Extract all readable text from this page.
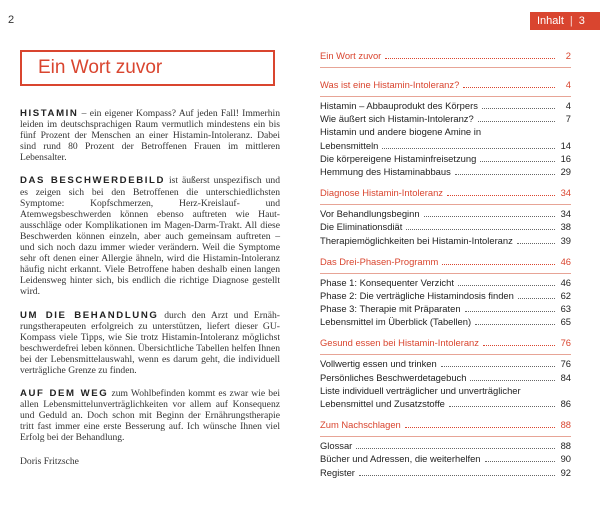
2	Inhalt | 3
Ein Wort zuvor

HISTAMIN – ein eigener Kompass? Auf jeden Fall! Immerhin leiden im deutschsprachigen Raum vermutlich mindestens ein bis fünf Prozent der Menschen an einer Histamin-Intoleranz. Dabei sind rund 80 Prozent der Betroffenen Frauen im mittleren Lebensalter.

DAS BESCHWERDEBILD ist äußerst unspezifisch und es zeigen sich bei den Betroffenen die unterschiedlichsten Symptome: Kopfschmerzen, Herz-Kreislauf- und Atemwegsbeschwerden können ebenso auftreten wie Hautausschläge oder Komplikationen im Magen-Darm-Trakt. All diese Beschwerden können einzeln, aber auch gemeinsam auftreten – und sich noch dazu immer wieder verändern. Weil die Symptome sehr oft denen einer Allergie ähneln, wird die Histamin-Intoleranz häufig nicht erkannt. Viele Betroffene haben deshalb einen langen Leidensweg hinter sich, bis endlich die richtige Diagnose gestellt wird.

UM DIE BEHANDLUNG durch den Arzt und Ernährungstherapeuten erfolgreich zu unterstützen, liefert dieser GU-Kompass viele Tipps, wie Sie trotz Histamin-Intoleranz möglichst beschwerdefrei leben können. Übersichtliche Tabellen helfen Ihnen bei der Lebensmittelauswahl, wenn es darum geht, die individuell verträgliche Grenze zu finden.

AUF DEM WEG zum Wohlbefinden kommt es zwar wie bei allen Lebensmittelunverträglichkeiten vor allem auf Konsequenz und Geduld an. Doch schon mit Beginn der Ernährungstherapie tritt fast immer eine erste Besserung auf. Ich wünsche Ihnen viel Erfolg bei der Behandlung.

Doris Fritzsche

Ein Wort zuvor	2
Was ist eine Histamin-Intoleranz?	4
Histamin – Abbauprodukt des Körpers	4
Wie äußert sich Histamin-Intoleranz?	7
Histamin und andere biogene Amine in
Lebensmitteln	14
Die körpereigene Histaminfreisetzung	16
Hemmung des Histaminabbaus	29
Diagnose Histamin-Intoleranz	34
Vor Behandlungsbeginn	34
Die Eliminationsdiät	38
Therapiemöglichkeiten bei Histamin-Intoleranz	39
Das Drei-Phasen-Programm	46
Phase 1: Konsequenter Verzicht	46
Phase 2: Die verträgliche Histamindosis finden	62
Phase 3: Therapie mit Präparaten	63
Lebensmittel im Überblick (Tabellen)	65
Gesund essen bei Histamin-Intoleranz	76
Vollwertig essen und trinken	76
Persönliches Beschwerdetagebuch	84
Liste individuell verträglicher und unverträglicher
Lebensmittel und Zusatzstoffe	86
Zum Nachschlagen	88
Glossar	88
Bücher und Adressen, die weiterhelfen	90
Register	92
